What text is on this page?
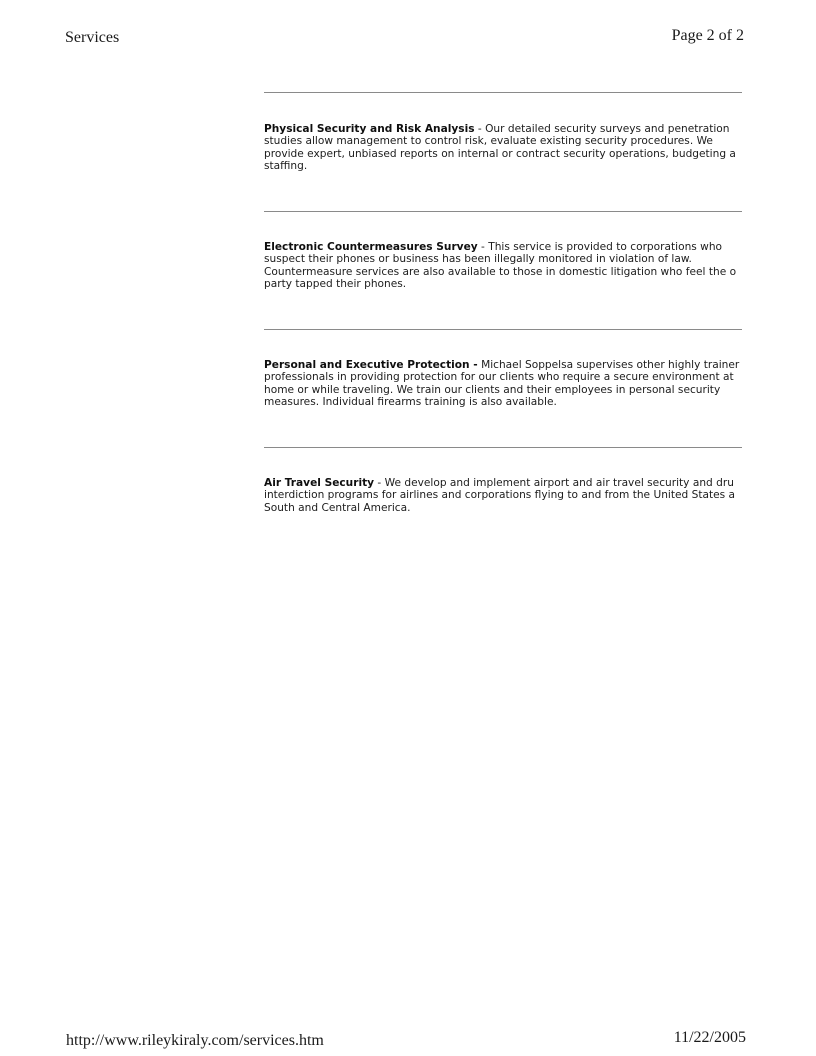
Services	Page 2 of 2
Physical Security and Risk Analysis - Our detailed security surveys and penetration
studies allow management to control risk, evaluate existing security procedures. We
provide expert, unbiased reports on internal or contract security operations, budgeting a
staffing.
Electronic Countermeasures Survey - This service is provided to corporations who
suspect their phones or business has been illegally monitored in violation of law.
Countermeasure services are also available to those in domestic litigation who feel the o
party tapped their phones.
Personal and Executive Protection - Michael Soppelsa supervises other highly trainer
professionals in providing protection for our clients who require a secure environment at
home or while traveling. We train our clients and their employees in personal security
measures. Individual firearms training is also available.
Air Travel Security - We develop and implement airport and air travel security and dru
interdiction programs for airlines and corporations flying to and from the United States a
South and Central America.
http://www.rileykiraly.com/services.htm	11/22/2005
